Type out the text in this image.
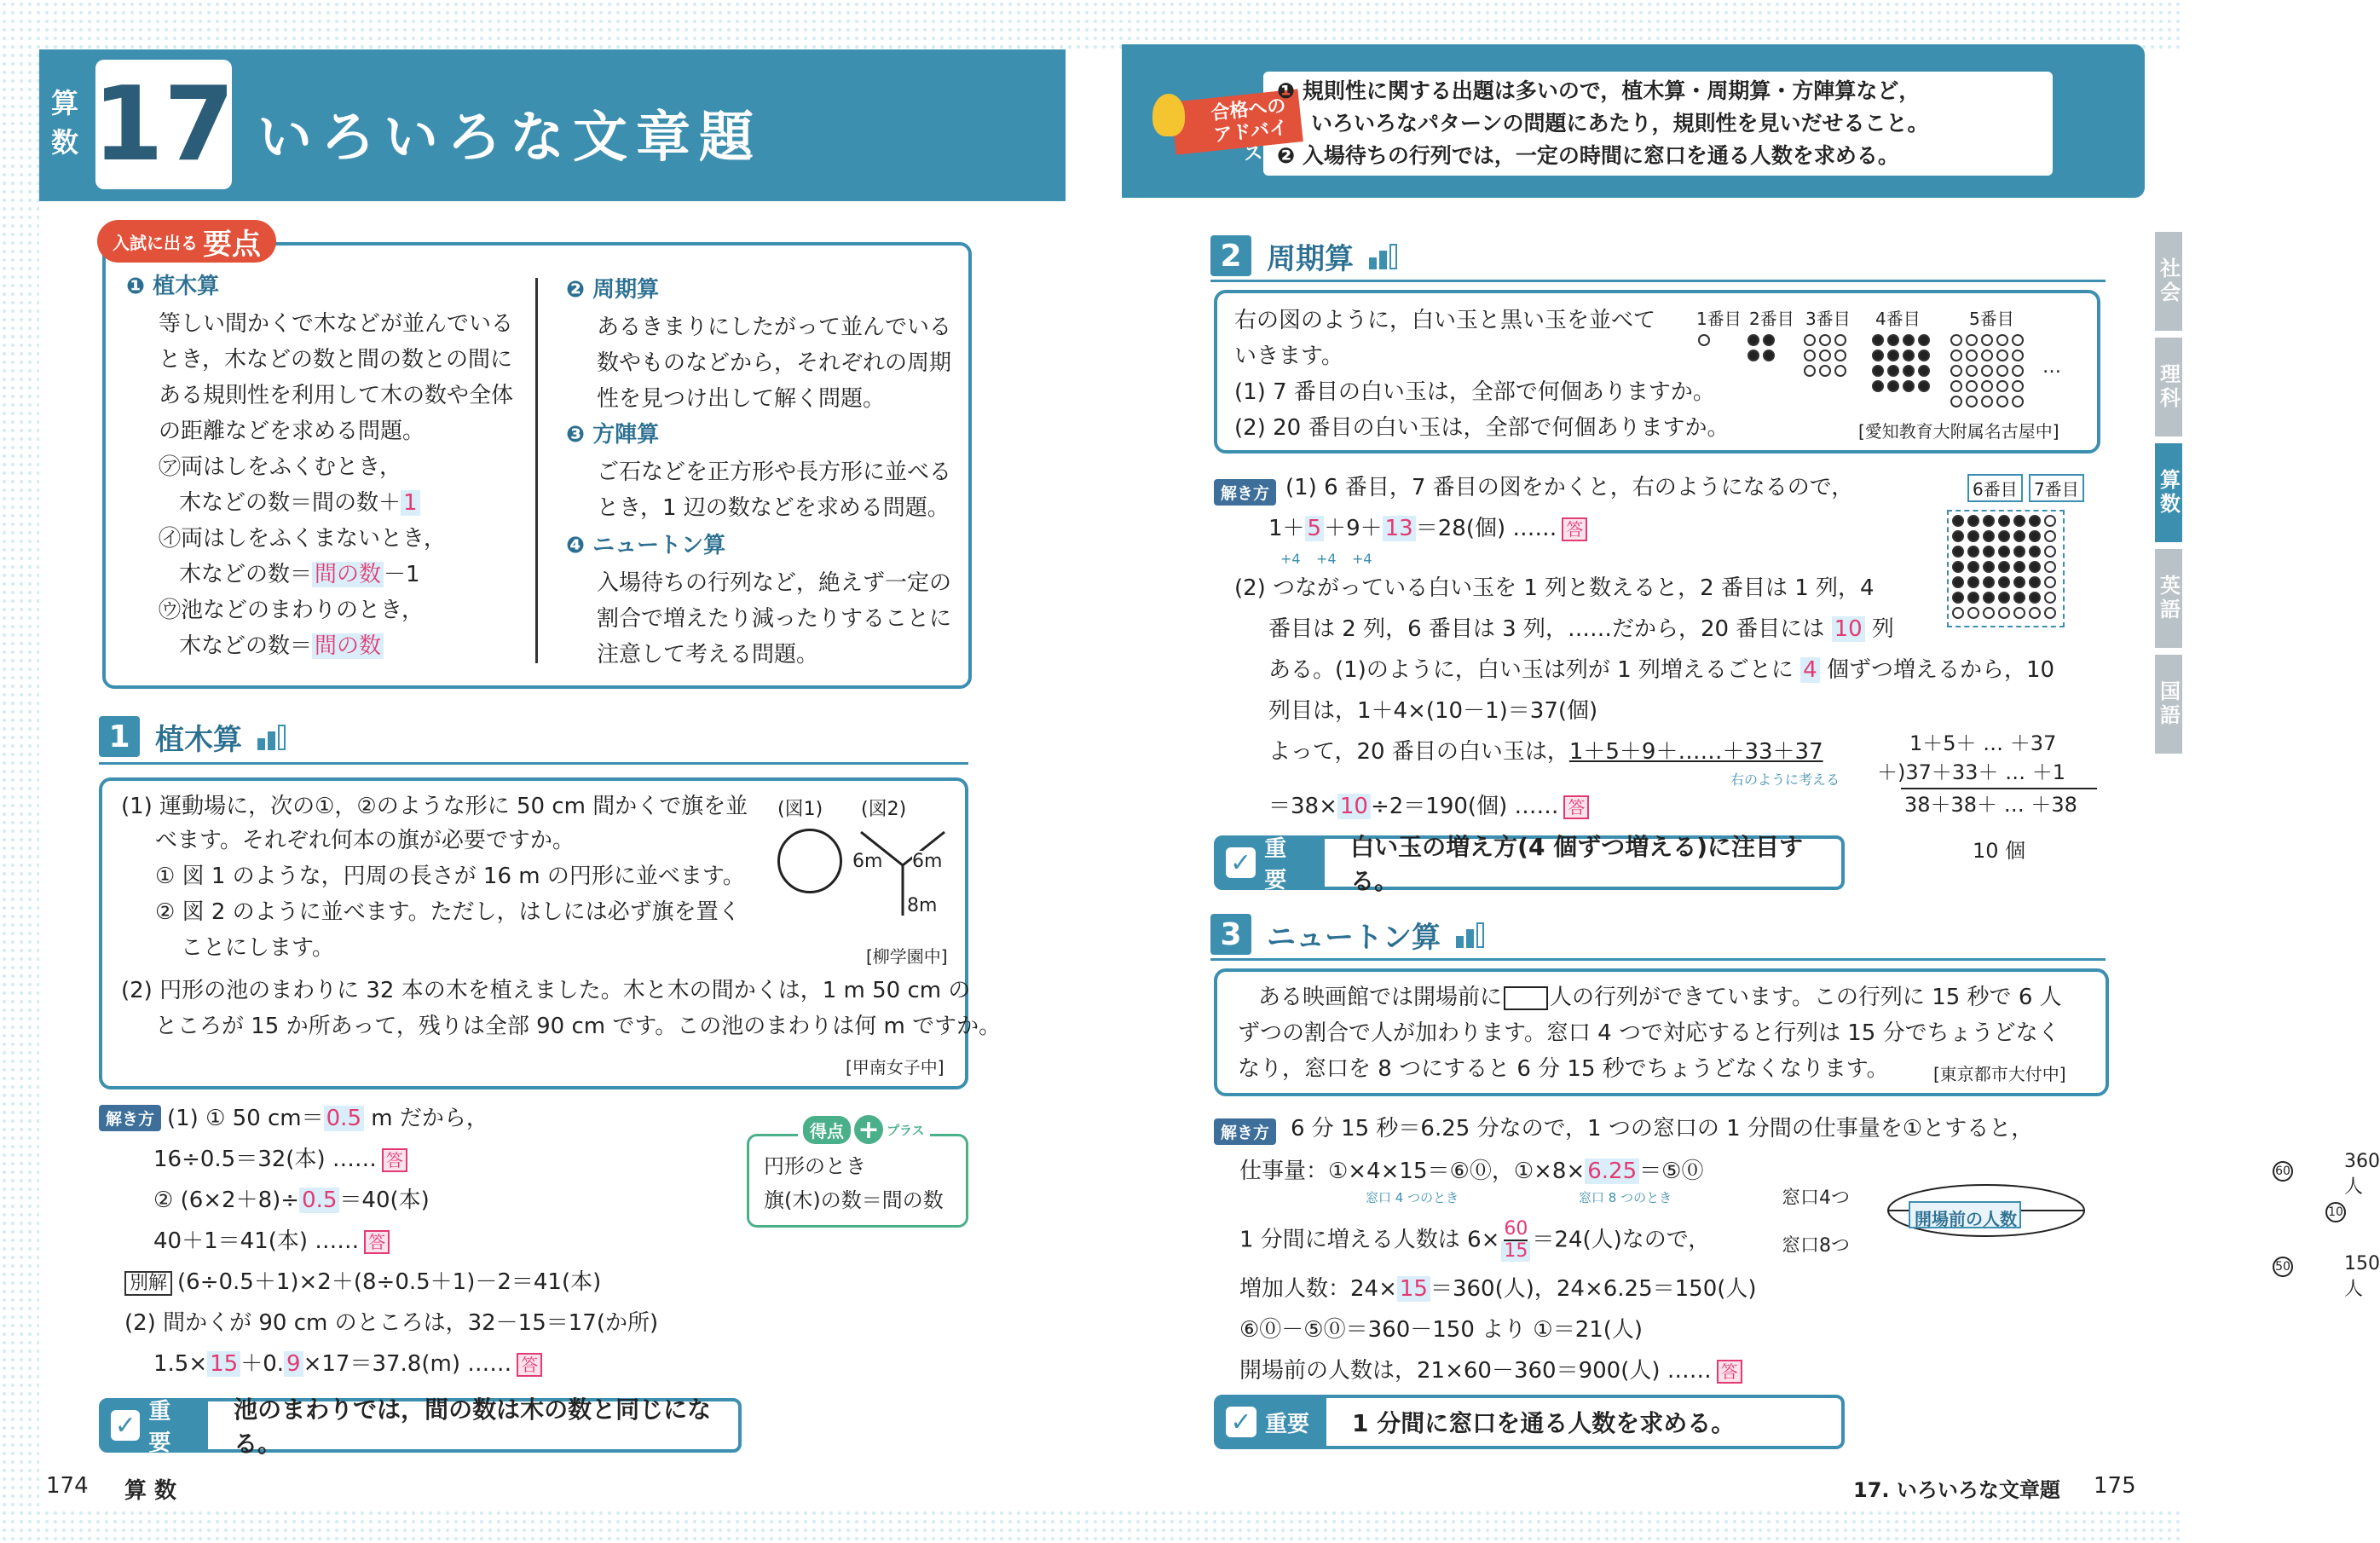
算数 17 いろいろな文章題
入試に出る 要点
❶ 植木算
等しい間かくで木などが並んでいる
とき，木などの数と間の数との間に
ある規則性を利用して木の数や全体
の距離などを求める問題。
㋐両はしをふくむとき，
木などの数＝間の数＋ 1
㋑両はしをふくまないとき，
木などの数＝ 間の数 －1
㋒池などのまわりのとき，
木などの数＝ 間の数
❷ 周期算
あるきまりにしたがって並んでいる
数やものなどから，それぞれの周期
性を見つけ出して解く問題。
❸ 方陣算
ご石などを正方形や長方形に並べる
とき，1 辺の数などを求める問題。
❹ ニュートン算
入場待ちの行列など，絶えず一定の
割合で増えたり減ったりすることに
注意して考える問題。
1 植木算
(1) 運動場に，次の①，②のような形に 50 cm 間かくで旗を並
べます。それぞれ何本の旗が必要ですか。
① 図 1 のような，円周の長さが 16 m の円形に並べます。
② 図 2 のように並べます。ただし，はしには必ず旗を置く
ことにします。
(2) 円形の池のまわりに 32 本の木を植えました。木と木の間かくは，1 m 50 cm の
ところが 15 か所あって，残りは全部 90 cm です。この池のまわりは何 m ですか。
[甲南女子中]
(図1) (図2)
6m 6m
8m
[柳学園中]
解き方 (1) ① 50 cm＝ 0.5 m だから，
16÷0.5＝32(本) …… 答
② (6×2＋8)÷ 0.5 ＝40(本)
40＋1＝41(本) …… 答
別解 (6÷0.5＋1)×2＋(8÷0.5＋1)－2＝41(本)
(2) 間かくが 90 cm のところは，32－15＝17(か所)
1.5× 15 ＋0. 9 ×17＝37.8(m) …… 答
得点 + プラス
円形のとき
旗(木)の数＝間の数
✓ 重要
池のまわりでは，間の数は木の数と同じになる。
174 算 数
合格への アドバイス
❶ 規則性に関する出題は多いので，植木算・周期算・方陣算など，
いろいろなパターンの問題にあたり，規則性を見いだせること。
❷ 入場待ちの行列では，一定の時間に窓口を通る人数を求める。
2 周期算
右の図のように，白い玉と黒い玉を並べて
いきます。
(1) 7 番目の白い玉は，全部で何個ありますか。
(2) 20 番目の白い玉は，全部で何個ありますか。	[愛知教育大附属名古屋中]
1番目 2番目 3番目 4番目	5番目
…
解き方 (1) 6 番目，7 番目の図をかくと，右のようになるので，
1＋ 5 ＋9＋ 13 ＝28(個) …… 答
+4 +4 +4
(2) つながっている白い玉を 1 列と数えると，2 番目は 1 列，4
番目は 2 列，6 番目は 3 列，……だから，20 番目には 10 列
ある。(1)のように，白い玉は列が 1 列増えるごとに 4 個ずつ増えるから，10
列目は，1＋4×(10－1)＝37(個)
よって，20 番目の白い玉は，1＋5＋9＋……＋33＋37
右のように考える
＝38× 10 ÷2＝190(個) …… 答
6番目 7番目
1＋5＋ … ＋37
＋)37＋33＋ … ＋1
38＋38＋ … ＋38
10 個
✓ 重要
白い玉の増え方(4 個ずつ増える)に注目する。
3 ニュートン算
ある映画館では開場前に 人の行列ができています。この行列に 15 秒で 6 人
ずつの割合で人が加わります。窓口 4 つで対応すると行列は 15 分でちょうどなく
なり，窓口を 8 つにすると 6 分 15 秒でちょうどなくなります。	[東京都市大付中]
解き方 6 分 15 秒＝6.25 分なので，1 つの窓口の 1 分間の仕事量を①とすると，
仕事量：①×4×15＝⑥⓪，①×8× 6.25 ＝⑤⓪
窓口 4 つのとき	窓口 8 つのとき
1 分間に増える人数は $6\times \frac{60}{15} =24$(人)なので，
増加人数：24× 15 ＝360(人)，24×6.25＝150(人)
⑥⓪－⑤⓪＝360－150 より ①＝21(人)
開場前の人数は，21×60－360＝900(人) …… 答
60
50
10
360人
150人
窓口4つ
窓口8つ
開場前の人数
✓ 重要 1 分間に窓口を通る人数を求める。
社会
理科
算数
英語
国語
17. いろいろな文章題 175
